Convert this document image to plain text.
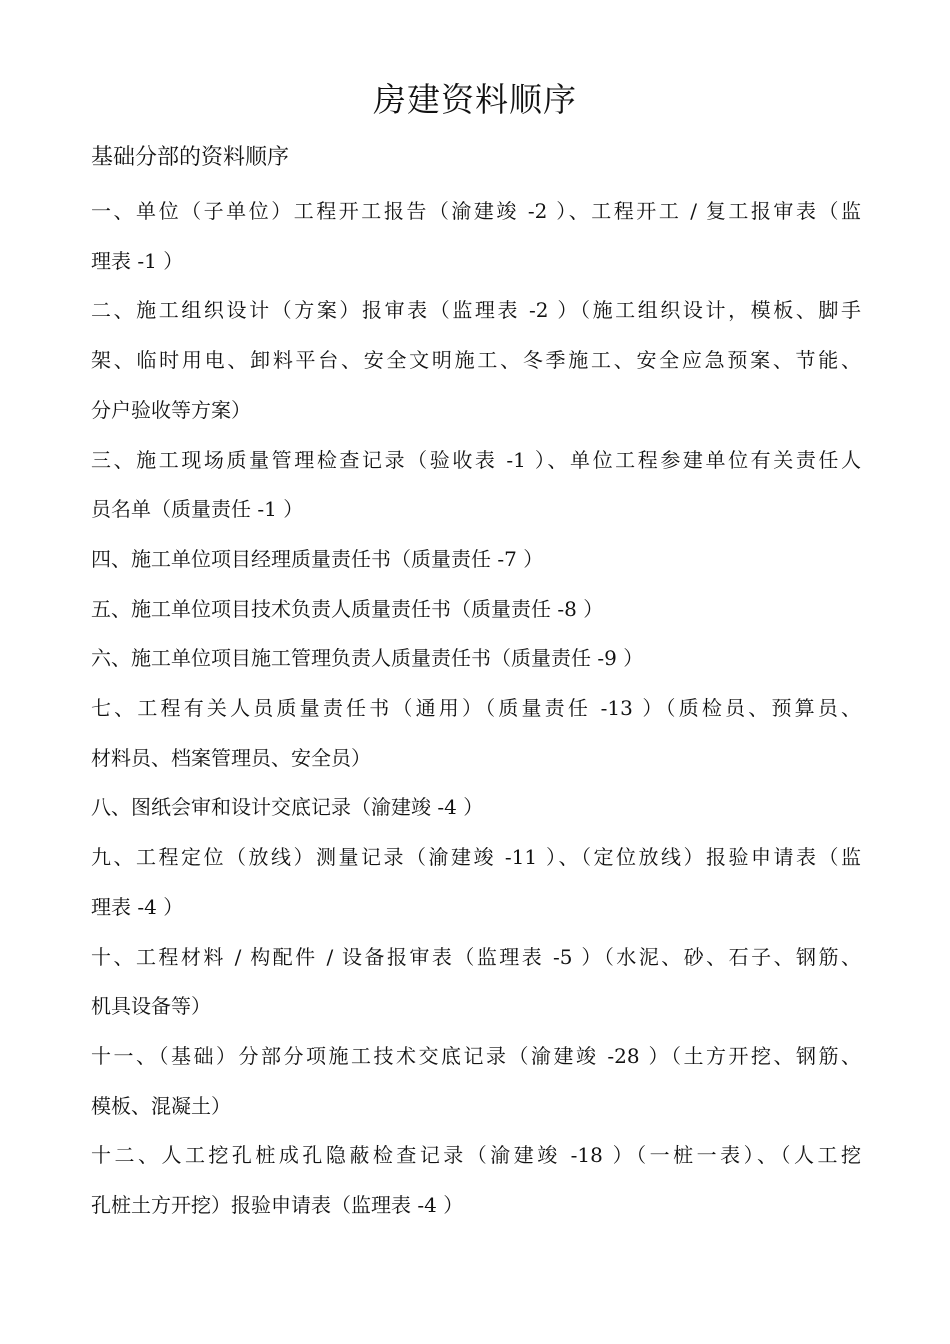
房建资料顺序
基础分部的资料顺序
一、单位（子单位）工程开工报告（渝建竣 -2 ）、工程开工 / 复工报审表（监
理表 -1 ）
二、施工组织设计（方案）报审表（监理表 -2 ）（施工组织设计，模板、脚手
架、临时用电、卸料平台、安全文明施工、冬季施工、安全应急预案、节能、
分户验收等方案）
三、施工现场质量管理检查记录（验收表 -1 ）、单位工程参建单位有关责任人
员名单（质量责任 -1 ）
四、施工单位项目经理质量责任书（质量责任 -7 ）
五、施工单位项目技术负责人质量责任书（质量责任 -8 ）
六、施工单位项目施工管理负责人质量责任书（质量责任 -9 ）
七、工程有关人员质量责任书（通用）（质量责任 -13 ）（质检员、预算员、
材料员、档案管理员、安全员）
八、图纸会审和设计交底记录（渝建竣 -4 ）
九、工程定位（放线）测量记录（渝建竣 -11 ）、（定位放线）报验申请表（监
理表 -4 ）
十、工程材料 / 构配件 / 设备报审表（监理表 -5 ）（水泥、砂、石子、钢筋、
机具设备等）
十一、（基础）分部分项施工技术交底记录（渝建竣 -28 ）（土方开挖、钢筋、
模板、混凝土）
十二、人工挖孔桩成孔隐蔽检查记录（渝建竣 -18 ）（一桩一表）、（人工挖
孔桩土方开挖）报验申请表（监理表 -4 ）
